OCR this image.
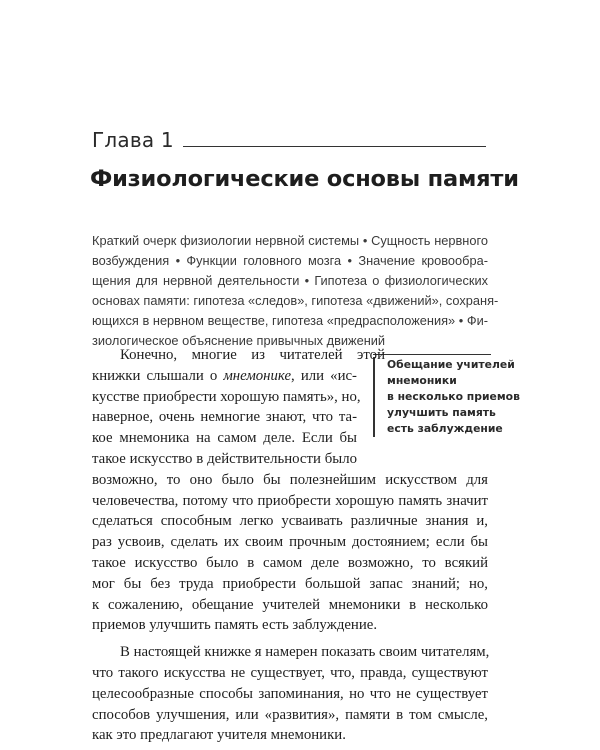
Глава 1
Физиологические основы памяти
Краткий очерк физиологии нервной системы • Сущность нервного
возбуждения • Функции головного мозга • Значение кровообра-
щения для нервной деятельности • Гипотеза о физиологических
основах памяти: гипотеза «следов», гипотеза «движений», сохраня-
ющихся в нервном веществе, гипотеза «предрасположения» • Фи-
зиологическое объяснение привычных движений
Обещание учителей
мнемоники
в несколько приемов
улучшить память
есть заблуждение
Конечно, многие из читателей этой
книжки слышали о мнемонике, или «ис-
кусстве приобрести хорошую память», но,
наверное, очень немногие знают, что та-
кое мнемоника на самом деле. Если бы
такое искусство в действительности было
возможно, то оно было бы полезнейшим искусством для
человечества, потому что приобрести хорошую память значит
сделаться способным легко усваивать различные знания и,
раз усвоив, сделать их своим прочным достоянием; если бы
такое искусство было в самом деле возможно, то всякий
мог бы без труда приобрести большой запас знаний; но,
к сожалению, обещание учителей мнемоники в несколько
приемов улучшить память есть заблуждение.
В настоящей книжке я намерен показать своим читателям,
что такого искусства не существует, что, правда, существуют
целесообразные способы запоминания, но что не существует
способов улучшения, или «развития», памяти в том смысле,
как это предлагают учителя мнемоники.
